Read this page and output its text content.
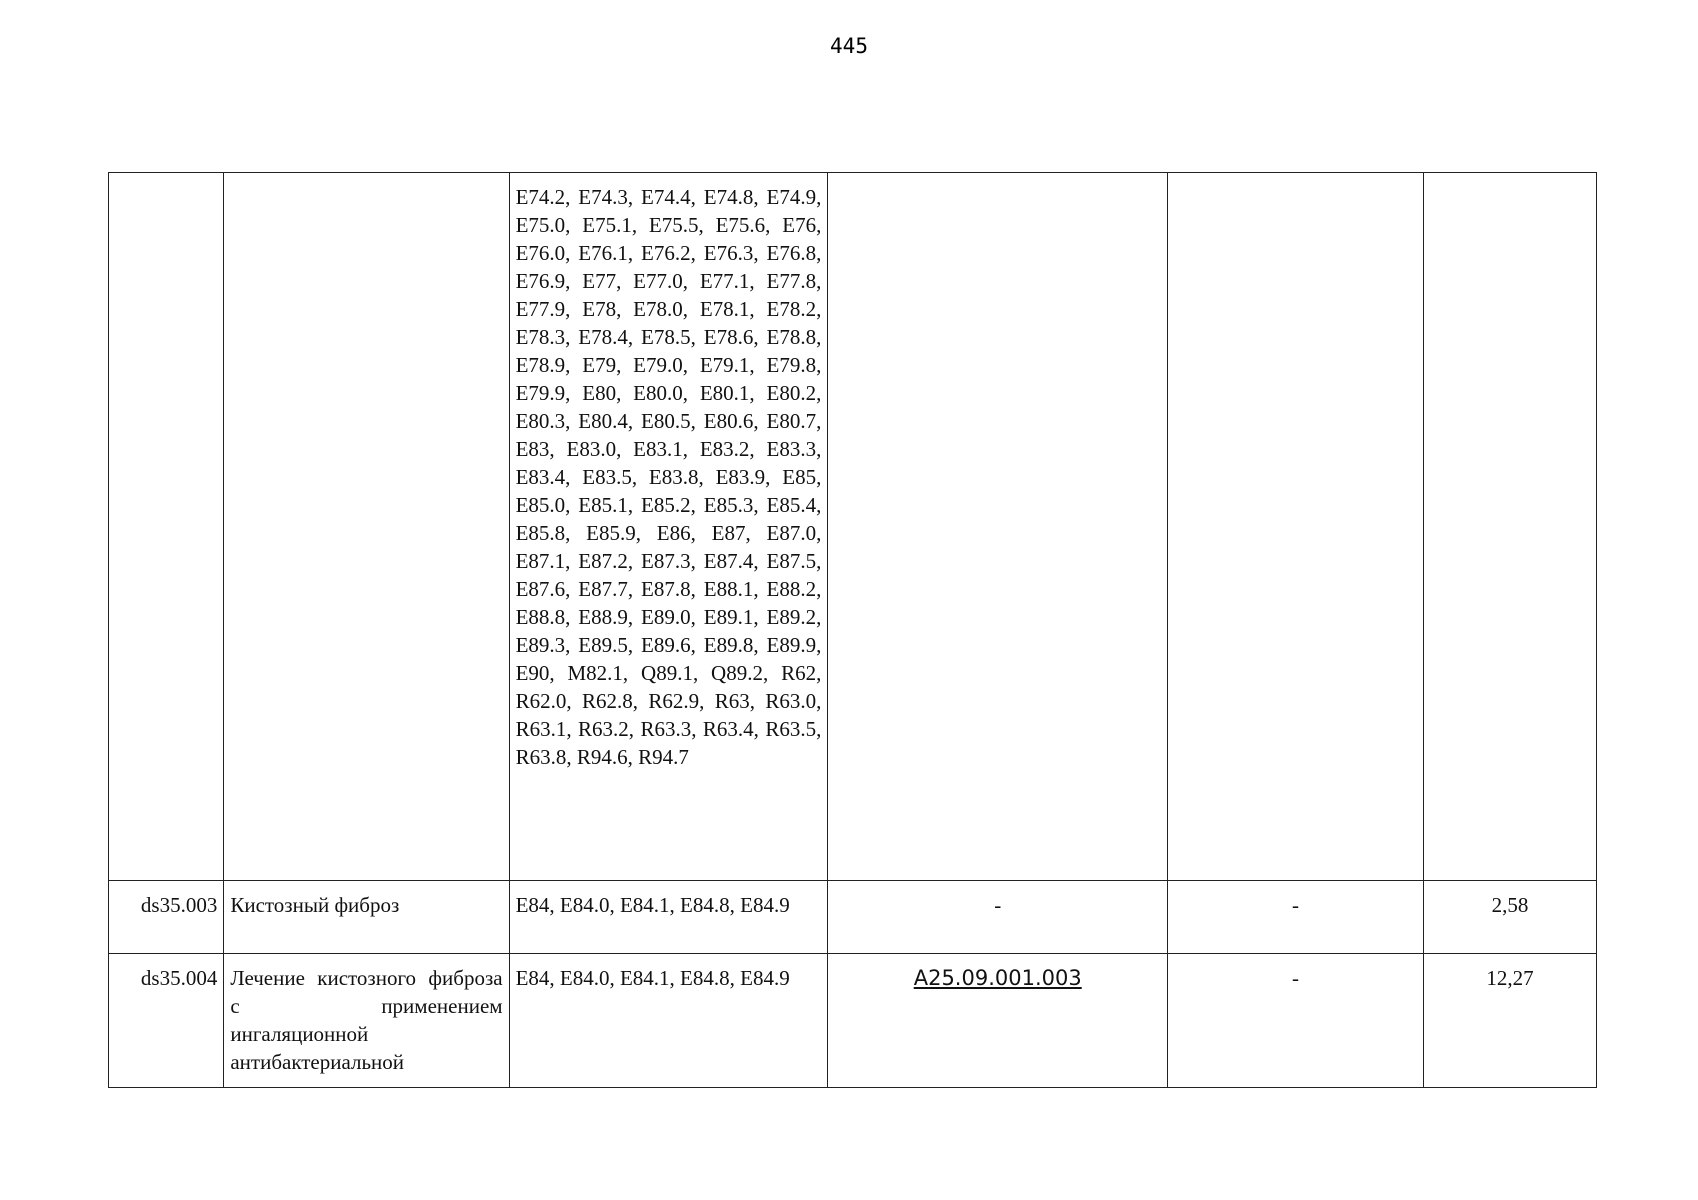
445
		E74.2, E74.3, E74.4, E74.8, E74.9, E75.0, E75.1, E75.5, E75.6, E76, E76.0, E76.1, E76.2, E76.3, E76.8, E76.9, E77, E77.0, E77.1, E77.8, E77.9, E78, E78.0, E78.1, E78.2, E78.3, E78.4, E78.5, E78.6, E78.8, E78.9, E79, E79.0, E79.1, E79.8, E79.9, E80, E80.0, E80.1, E80.2, E80.3, E80.4, E80.5, E80.6, E80.7, E83, E83.0, E83.1, E83.2, E83.3, E83.4, E83.5, E83.8, E83.9, E85, E85.0, E85.1, E85.2, E85.3, E85.4, E85.8, E85.9, E86, E87, E87.0, E87.1, E87.2, E87.3, E87.4, E87.5, E87.6, E87.7, E87.8, E88.1, E88.2, E88.8, E88.9, E89.0, E89.1, E89.2, E89.3, E89.5, E89.6, E89.8, E89.9, E90, M82.1, Q89.1, Q89.2, R62, R62.0, R62.8, R62.9, R63, R63.0, R63.1, R63.2, R63.3, R63.4, R63.5, R63.8, R94.6, R94.7			
ds35.003	Кистозный фиброз	E84, E84.0, E84.1, E84.8, E84.9	-	-	2,58
ds35.004	Лечение кистозного фиброза с применением ингаляционной антибактериальной	E84, E84.0, E84.1, E84.8, E84.9	A25.09.001.003	-	12,27
